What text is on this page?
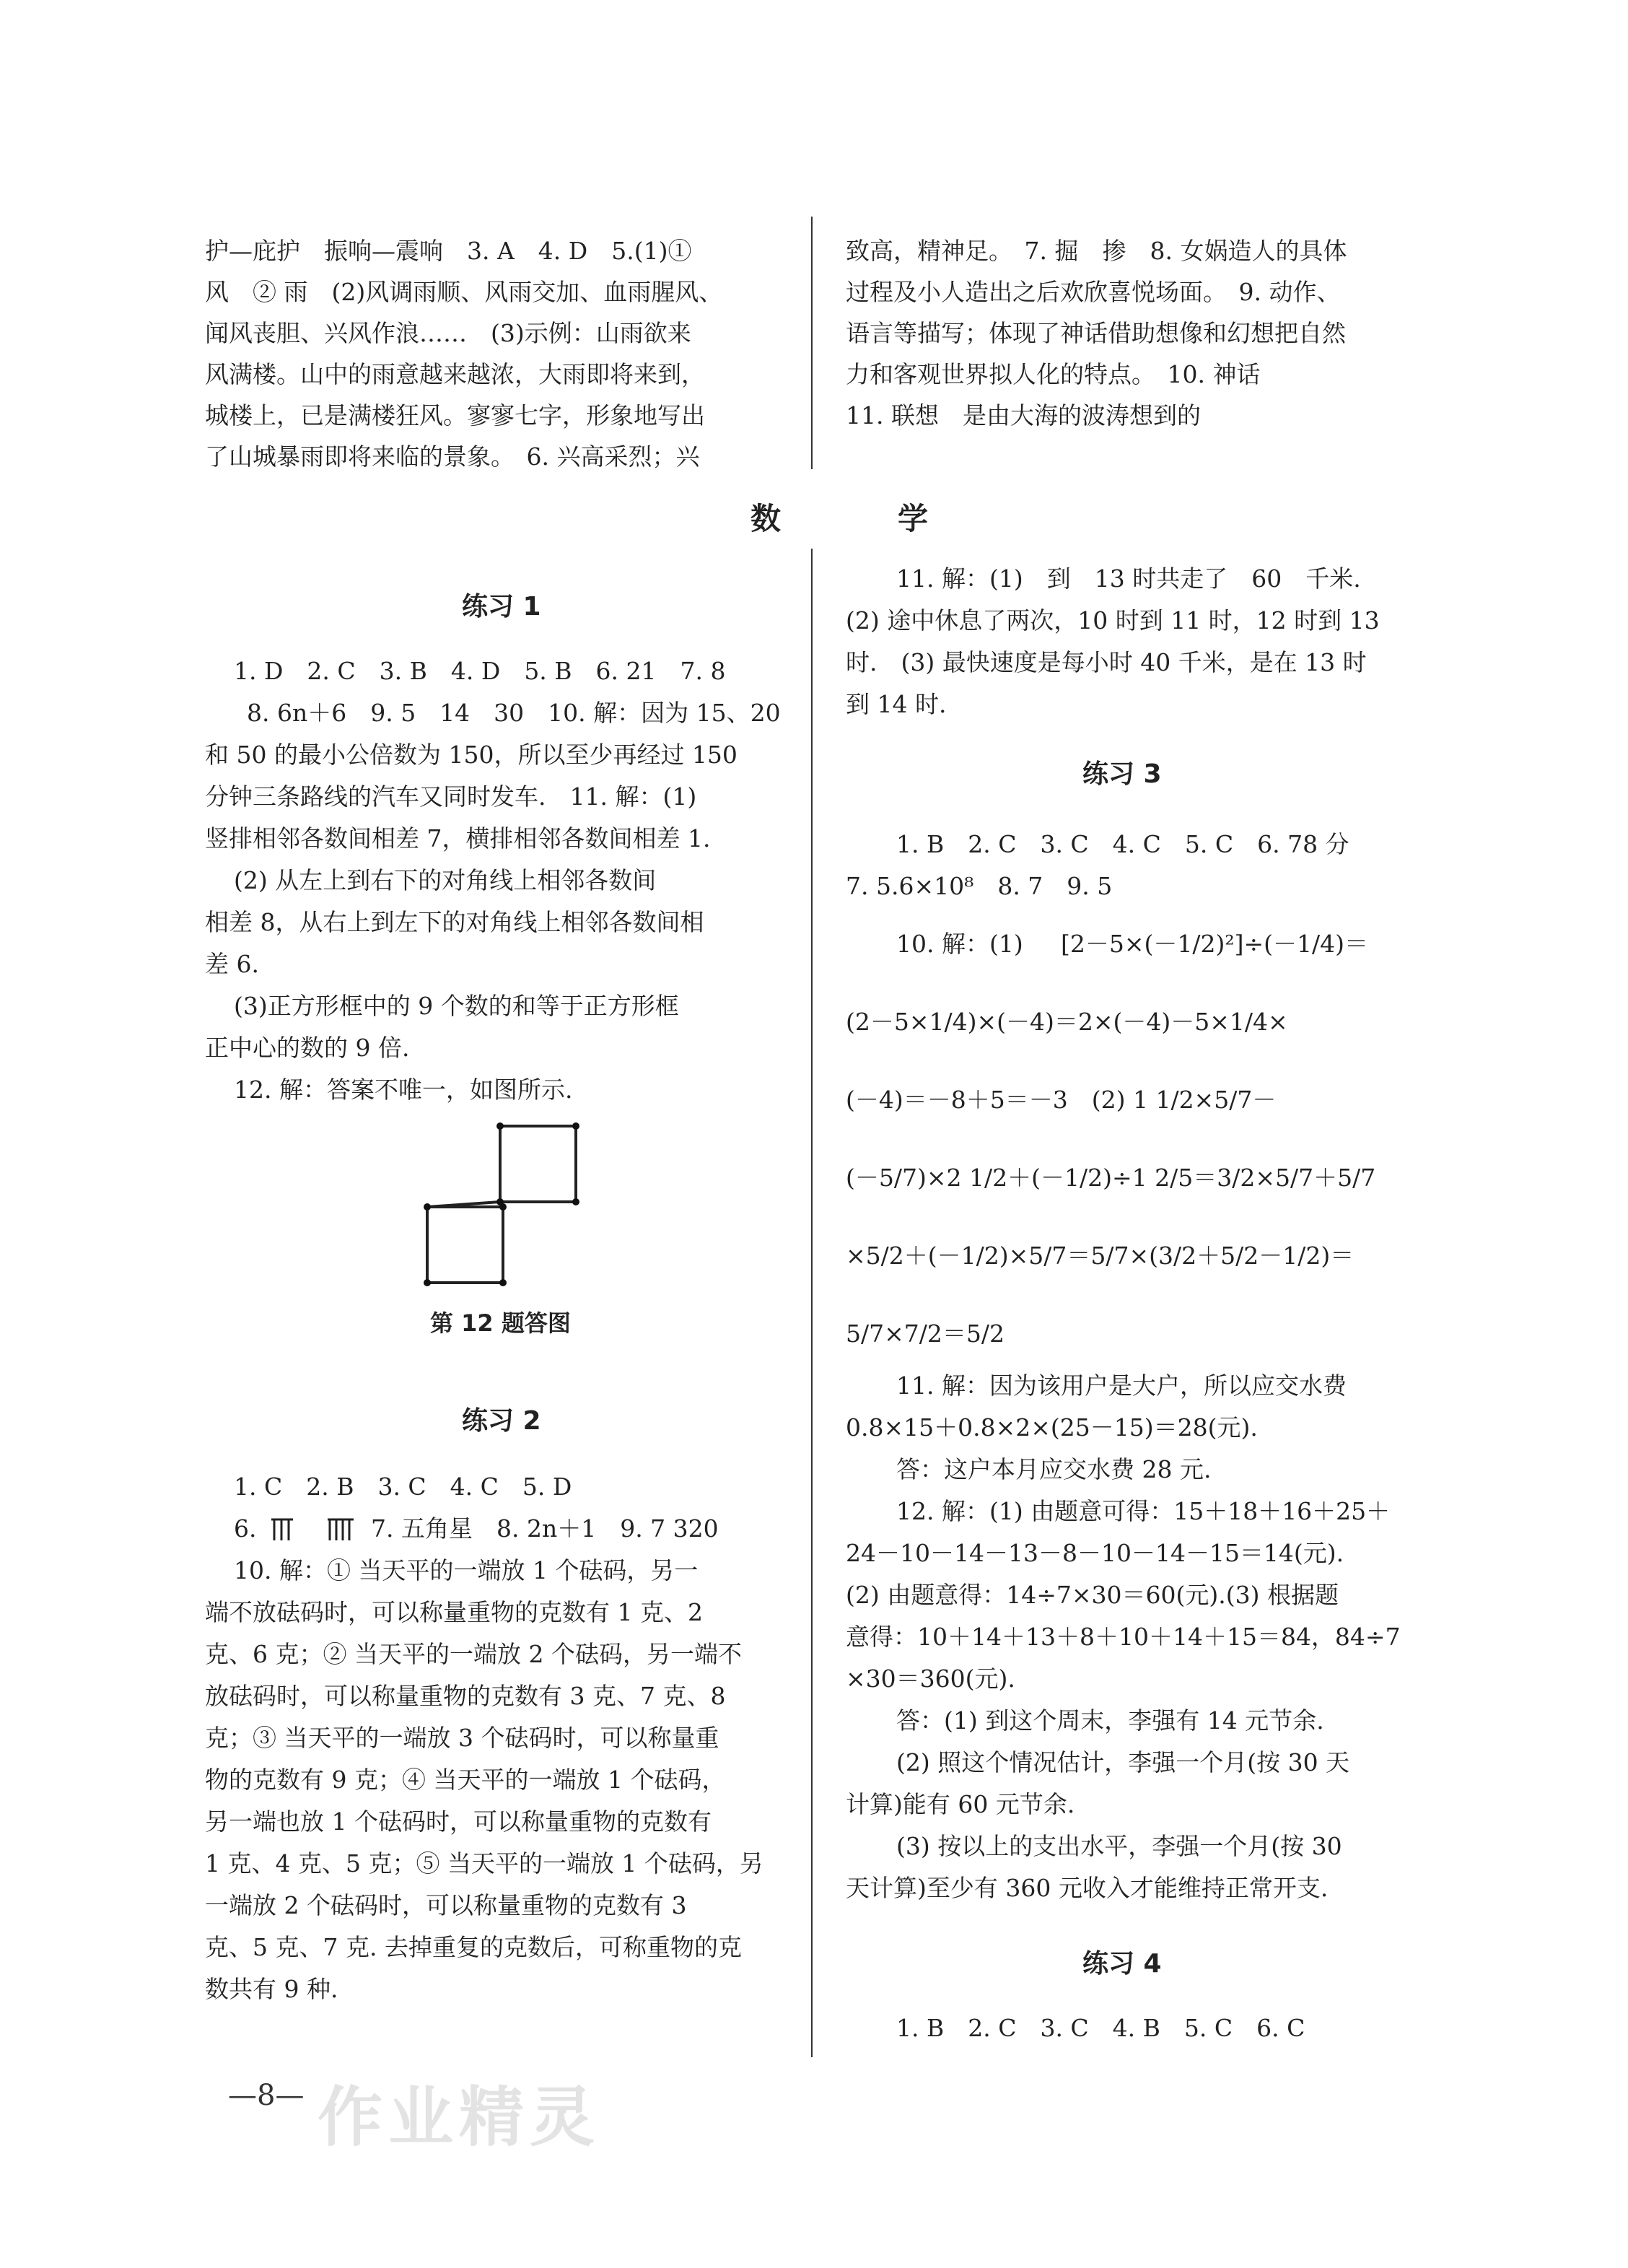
护—庇护　振响—震响　3. A　4. D　5.(1)①
风　② 雨　(2)风调雨顺、风雨交加、血雨腥风、
闻风丧胆、兴风作浪……　(3)示例：山雨欲来
风满楼。山中的雨意越来越浓，大雨即将来到，
城楼上，已是满楼狂风。寥寥七字，形象地写出
了山城暴雨即将来临的景象。　6. 兴高采烈；兴
致高，精神足。　7. 掘　掺　8. 女娲造人的具体
过程及小人造出之后欢欣喜悦场面。　9. 动作、
语言等描写；体现了神话借助想像和幻想把自然
力和客观世界拟人化的特点。　10. 神话
11. 联想　是由大海的波涛想到的
数　学
练习 1
1. D　2. C　3. B　4. D　5. B　6. 21　7. 8
8. 6n＋6　9. 5　14　30　10. 解：因为 15、20
和 50 的最小公倍数为 150，所以至少再经过 150
分钟三条路线的汽车又同时发车.　11. 解：(1)
竖排相邻各数间相差 7，横排相邻各数间相差 1.
(2) 从左上到右下的对角线上相邻各数间
相差 8，从右上到左下的对角线上相邻各数间相
差 6.
(3)正方形框中的 9 个数的和等于正方形框
正中心的数的 9 倍.
12. 解：答案不唯一，如图所示.
第 12 题答图
练习 2
1. C　2. B　3. C　4. C　5. D
6.	7. 五角星　8. 2n＋1　9. 7 320
10. 解：① 当天平的一端放 1 个砝码，另一
端不放砝码时，可以称量重物的克数有 1 克、2
克、6 克；② 当天平的一端放 2 个砝码，另一端不
放砝码时，可以称量重物的克数有 3 克、7 克、8
克；③ 当天平的一端放 3 个砝码时，可以称量重
物的克数有 9 克；④ 当天平的一端放 1 个砝码，
另一端也放 1 个砝码时，可以称量重物的克数有
1 克、4 克、5 克；⑤ 当天平的一端放 1 个砝码，另
一端放 2 个砝码时，可以称量重物的克数有 3
克、5 克、7 克. 去掉重复的克数后，可称重物的克
数共有 9 种.
11. 解：(1)　到　13 时共走了　60　千米.
(2) 途中休息了两次，10 时到 11 时，12 时到 13
时.　(3) 最快速度是每小时 40 千米，是在 13 时
到 14 时.
练习 3
1. B　2. C　3. C　4. C　5. C　6. 78 分
7. 5.6×10⁸　8. 7　9. 5
10. 解：(1) [2－5×(－1/2)²]÷(－1/4)＝
(2－5×1/4)×(－4)＝2×(－4)－5×1/4×
(－4)＝－8＋5＝－3　(2) 1 1/2×5/7－
(－5/7)×2 1/2＋(－1/2)÷1 2/5＝3/2×5/7＋5/7
×5/2＋(－1/2)×5/7＝5/7×(3/2＋5/2－1/2)＝
5/7×7/2＝5/2
11. 解：因为该用户是大户，所以应交水费
0.8×15＋0.8×2×(25－15)＝28(元).
答：这户本月应交水费 28 元.
12. 解：(1) 由题意可得：15＋18＋16＋25＋
24－10－14－13－8－10－14－15＝14(元).
(2) 由题意得：14÷7×30＝60(元).(3) 根据题
意得：10＋14＋13＋8＋10＋14＋15＝84，84÷7
×30＝360(元).
答：(1) 到这个周末，李强有 14 元节余.
(2) 照这个情况估计，李强一个月(按 30 天
计算)能有 60 元节余.
(3) 按以上的支出水平，李强一个月(按 30
天计算)至少有 360 元收入才能维持正常开支.
练习 4
1. B　2. C　3. C　4. B　5. C　6. C
—8— 作业精灵
